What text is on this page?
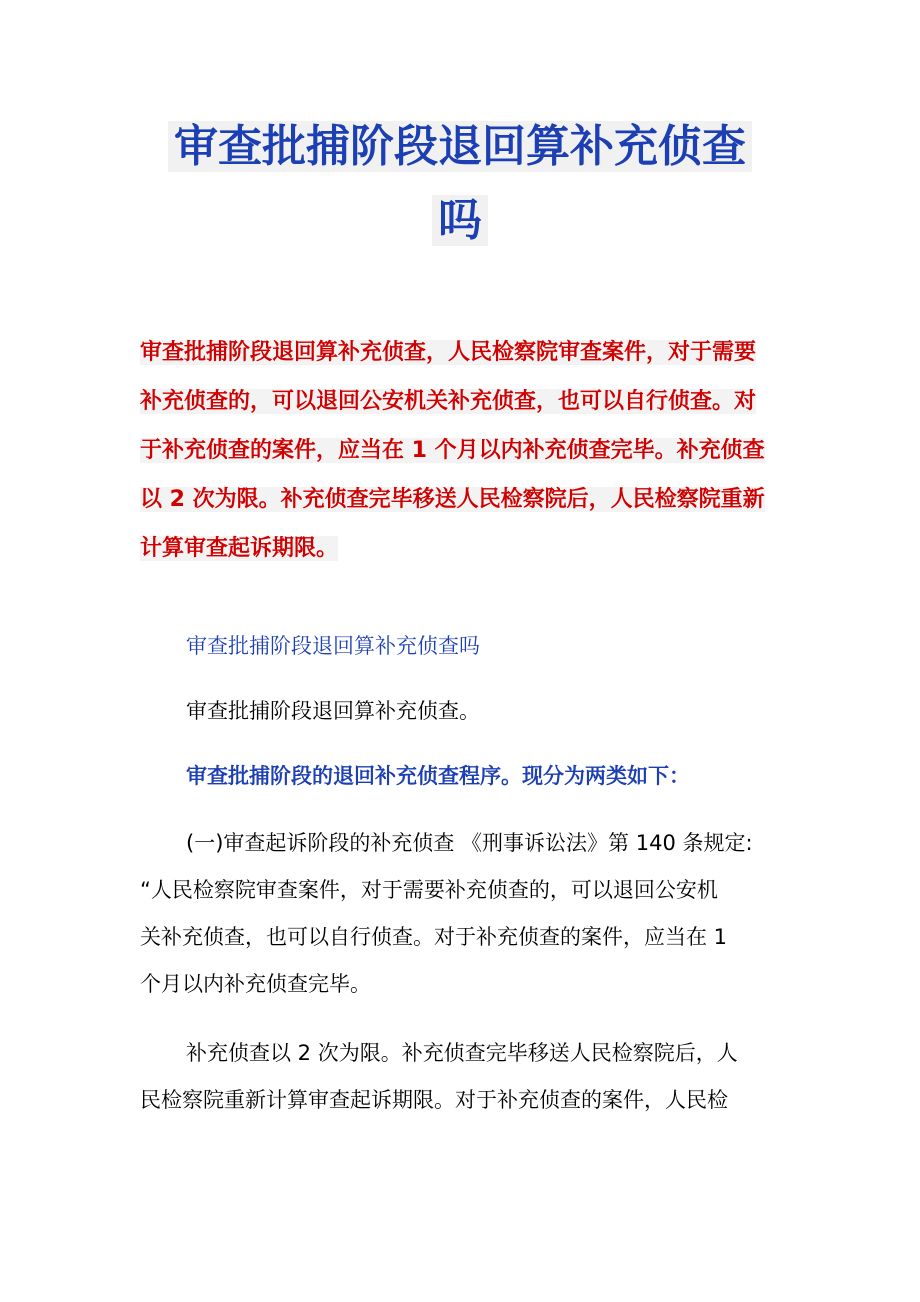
审查批捕阶段退回算补充侦查
吗
审查批捕阶段退回算补充侦查，人民检察院审查案件，对于需要
补充侦查的，可以退回公安机关补充侦查，也可以自行侦查。对
于补充侦查的案件，应当在 1 个月以内补充侦查完毕。补充侦查
以 2 次为限。补充侦查完毕移送人民检察院后，人民检察院重新
计算审查起诉期限。
审查批捕阶段退回算补充侦查吗
审查批捕阶段退回算补充侦查。
审查批捕阶段的退回补充侦查程序。现分为两类如下：
(一)审查起诉阶段的补充侦查 《刑事诉讼法》第 140 条规定:
“人民检察院审查案件，对于需要补充侦查的，可以退回公安机
关补充侦查，也可以自行侦查。对于补充侦查的案件，应当在 1
个月以内补充侦查完毕。
补充侦查以 2 次为限。补充侦查完毕移送人民检察院后，人
民检察院重新计算审查起诉期限。对于补充侦查的案件，人民检
